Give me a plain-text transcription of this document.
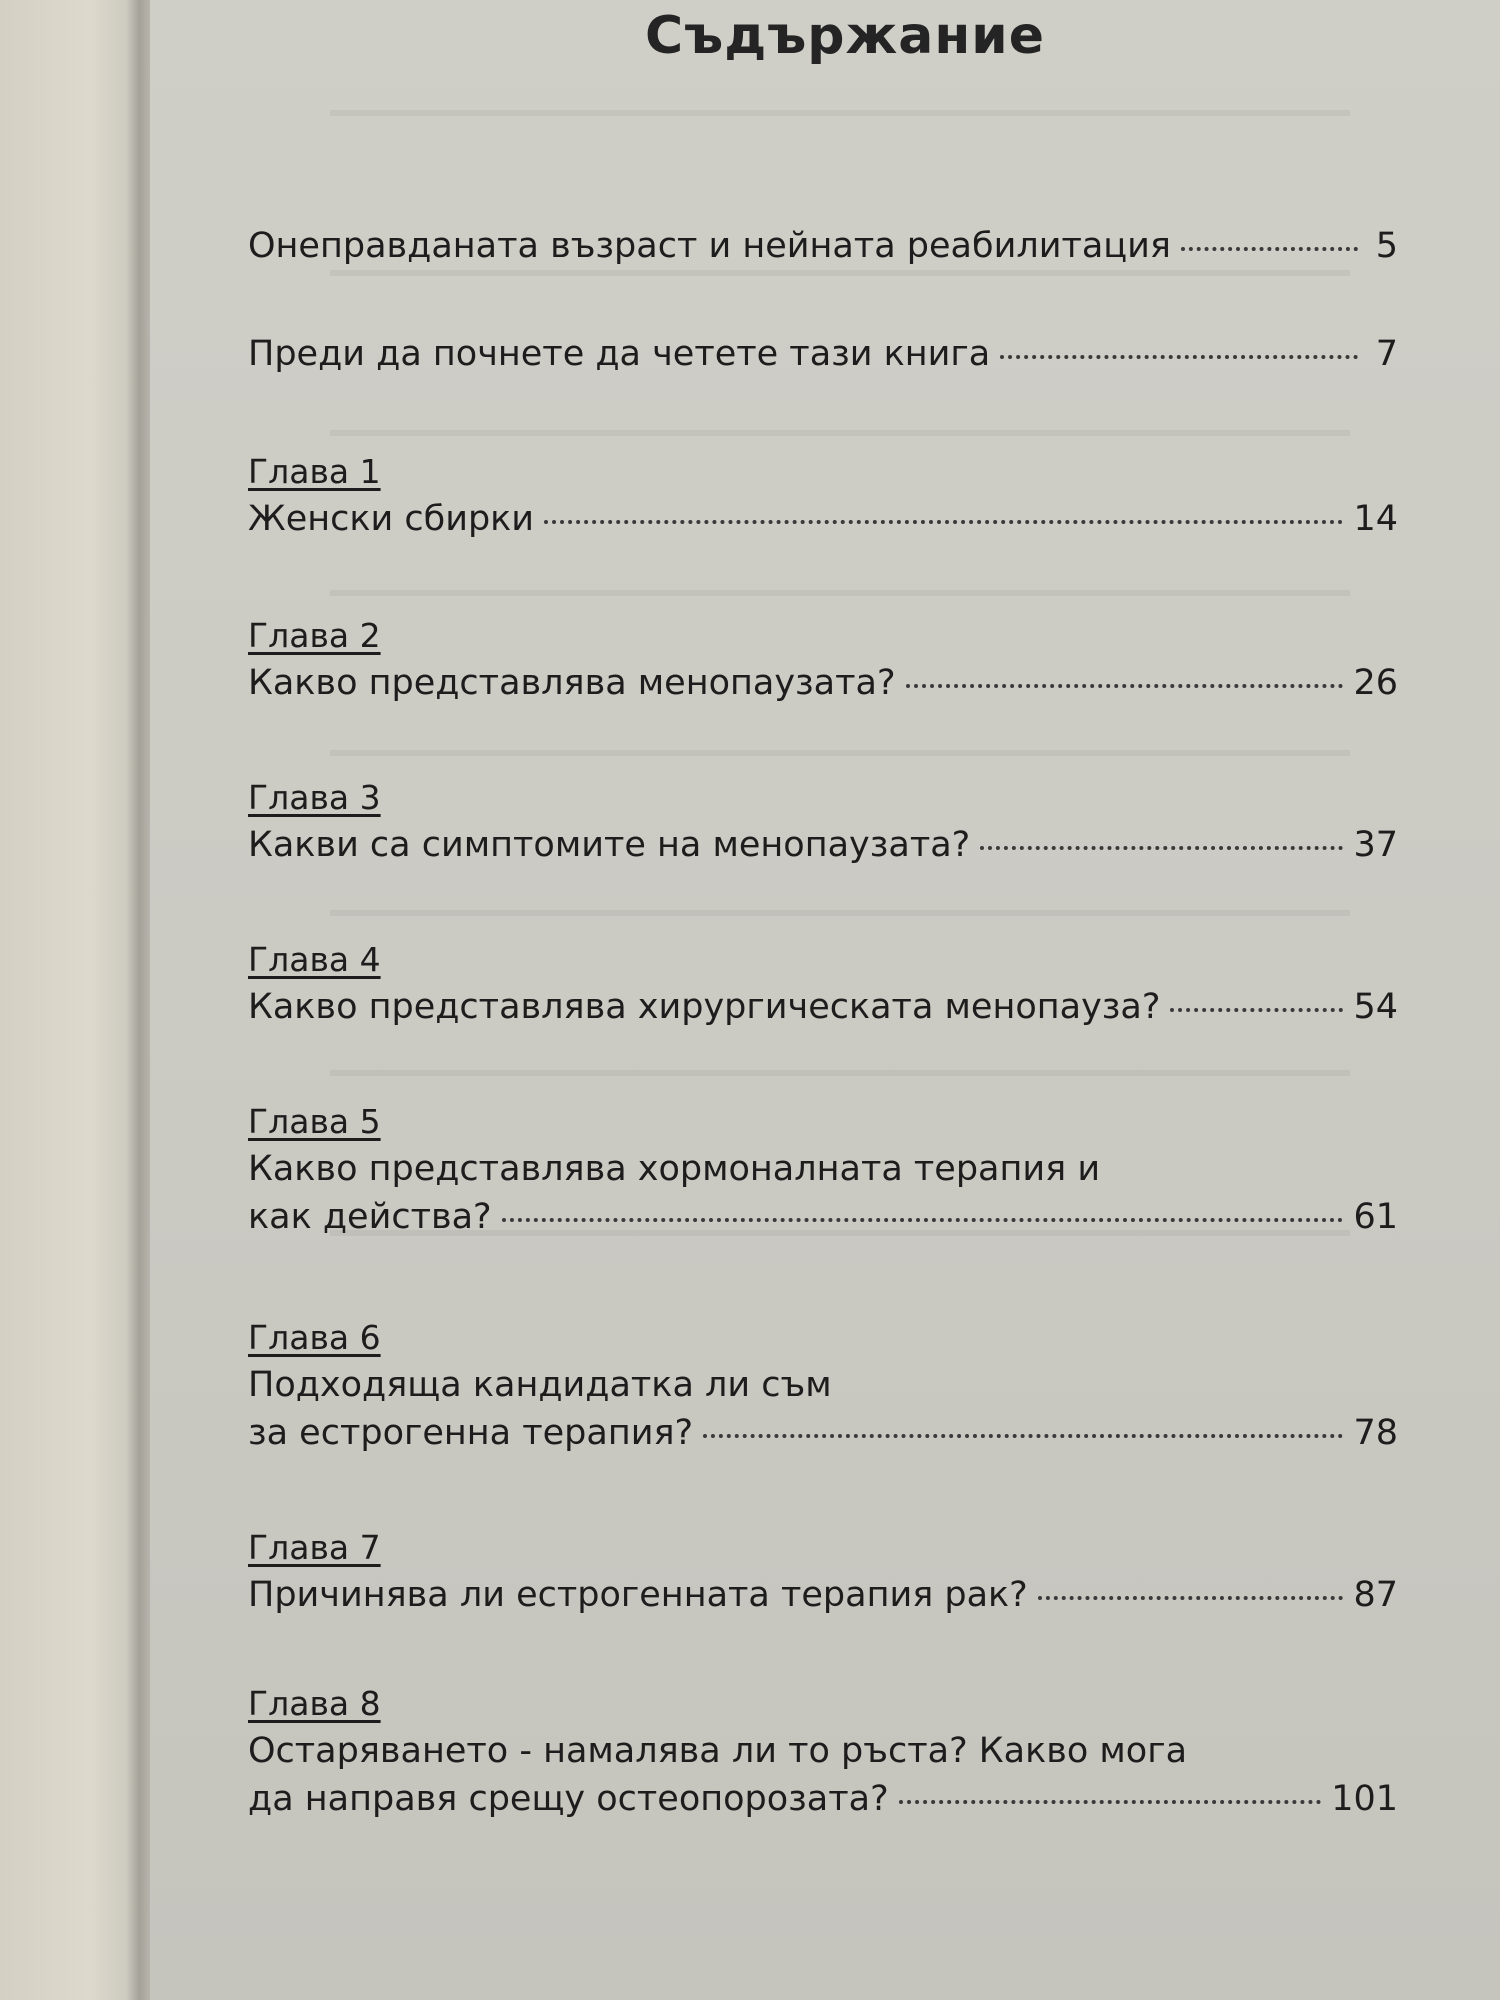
Съдържание
Онеправданата възраст и нейната реабилитация	5
Преди да почнете да четете тази книга	7
Глава 1
Женски сбирки	14
Глава 2
Какво представлява менопаузата?	26
Глава 3
Какви са симптомите на менопаузата?	37
Глава 4
Какво представлява хирургическата менопауза?	54
Глава 5
Какво представлява хормоналната терапия и
как действа?	61
Глава 6
Подходяща кандидатка ли съм
за естрогенна терапия?	78
Глава 7
Причинява ли естрогенната терапия рак?	87
Глава 8
Остаряването - намалява ли то ръста? Какво мога
да направя срещу остеопорозата?	101
